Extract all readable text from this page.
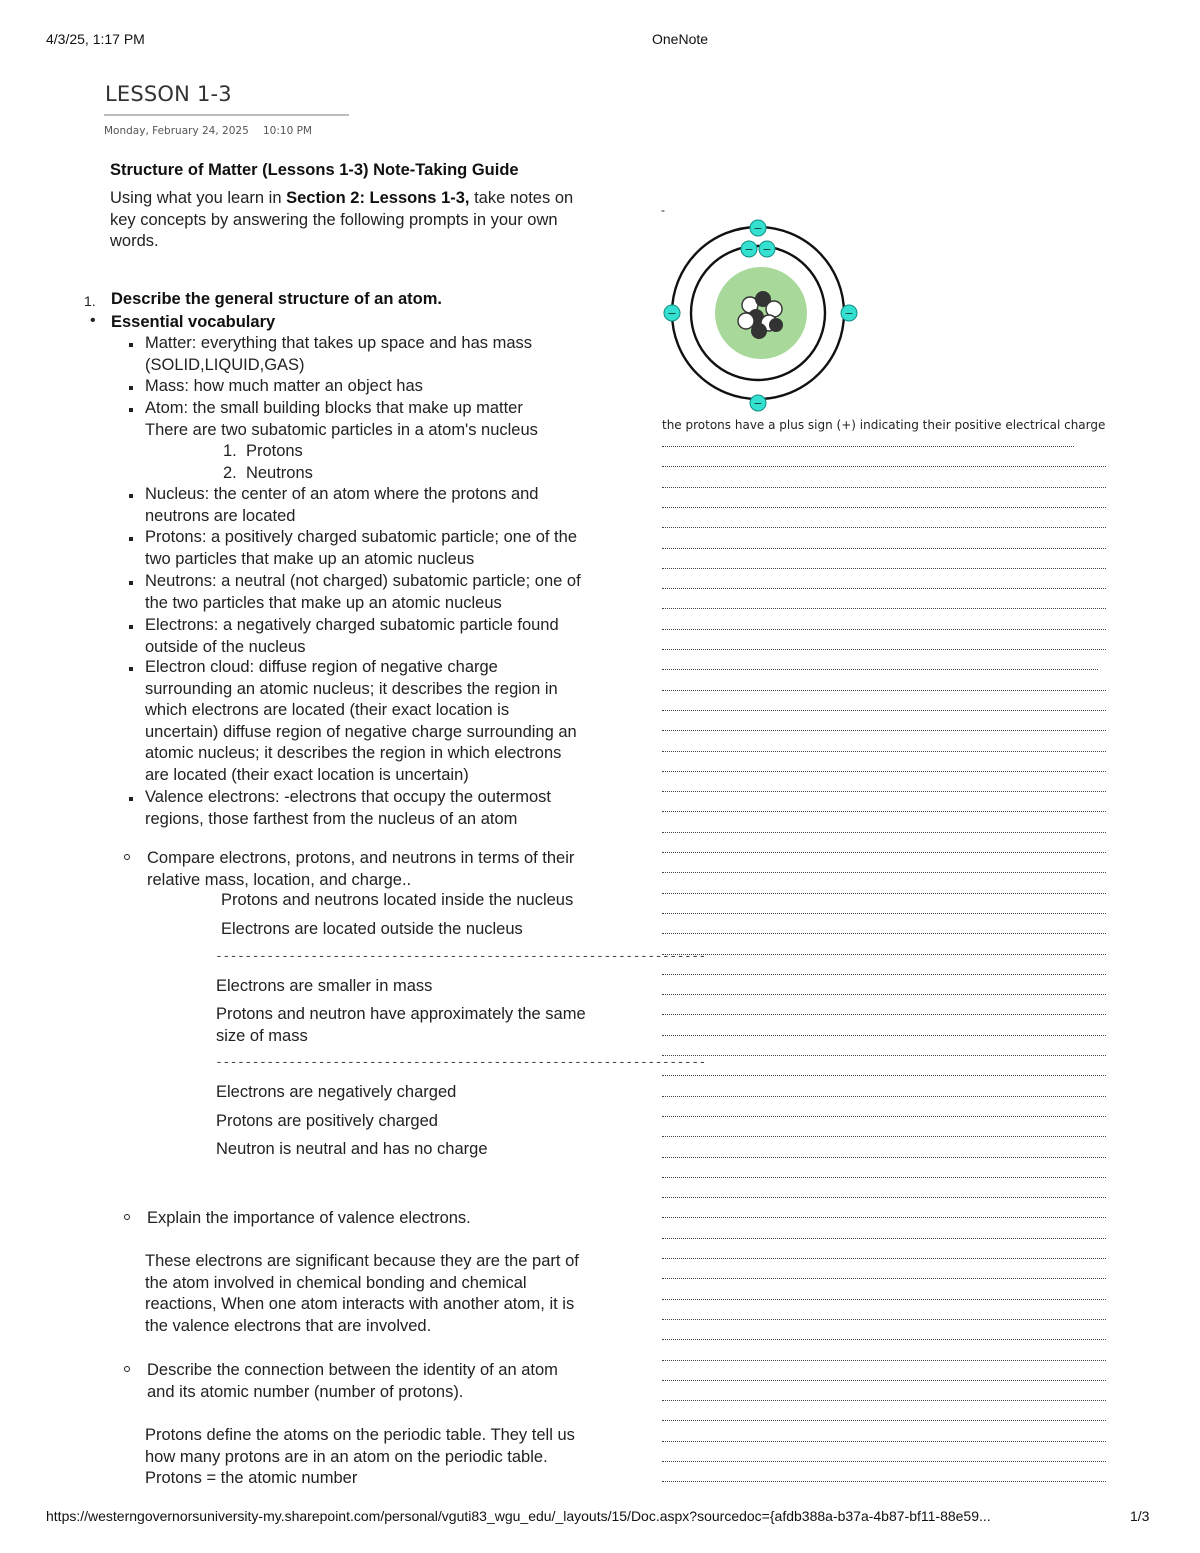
4/3/25, 1:17 PM	OneNote
LESSON 1-3
Monday, February 24, 2025 10:10 PM
Structure of Matter (Lessons 1-3) Note-Taking Guide
Using what you learn in Section 2: Lessons 1-3, take notes on
key concepts by answering the following prompts in your own
words.
1. Describe the general structure of an atom.
• Essential vocabulary
Matter: everything that takes up space and has mass
(SOLID,LIQUID,GAS)
Mass: how much matter an object has
Atom: the small building blocks that make up matter
There are two subatomic particles in a atom's nucleus
1. Protons
2. Neutrons
Nucleus: the center of an atom where the protons and
neutrons are located
Protons: a positively charged subatomic particle; one of the
two particles that make up an atomic nucleus
Neutrons: a neutral (not charged) subatomic particle; one of
the two particles that make up an atomic nucleus
Electrons: a negatively charged subatomic particle found
outside of the nucleus
Electron cloud: diffuse region of negative charge
surrounding an atomic nucleus; it describes the region in
which electrons are located (their exact location is
uncertain) diffuse region of negative charge surrounding an
atomic nucleus; it describes the region in which electrons
are located (their exact location is uncertain)
Valence electrons: -electrons that occupy the outermost
regions, those farthest from the nucleus of an atom
Compare electrons, protons, and neutrons in terms of their
relative mass, location, and charge..
Protons and neutrons located inside the nucleus
Electrons are located outside the nucleus
-------------------------------------------------------------------
Electrons are smaller in mass
Protons and neutron have approximately the same
size of mass
-------------------------------------------------------------------
Electrons are negatively charged
Protons are positively charged
Neutron is neutral and has no charge
Explain the importance of valence electrons.
These electrons are significant because they are the part of
the atom involved in chemical bonding and chemical
reactions, When one atom interacts with another atom, it is
the valence electrons that are involved.
Describe the connection between the identity of an atom
and its atomic number (number of protons).
Protons define the atoms on the periodic table. They tell us
how many protons are in an atom on the periodic table.
Protons = the atomic number
-
−
− −
−	−
−
the protons have a plus sign (+) indicating their positive electrical charge
https://westerngovernorsuniversity-my.sharepoint.com/personal/vguti83_wgu_edu/_layouts/15/Doc.aspx?sourcedoc={afdb388a-b37a-4b87-bf11-88e59...	1/3
